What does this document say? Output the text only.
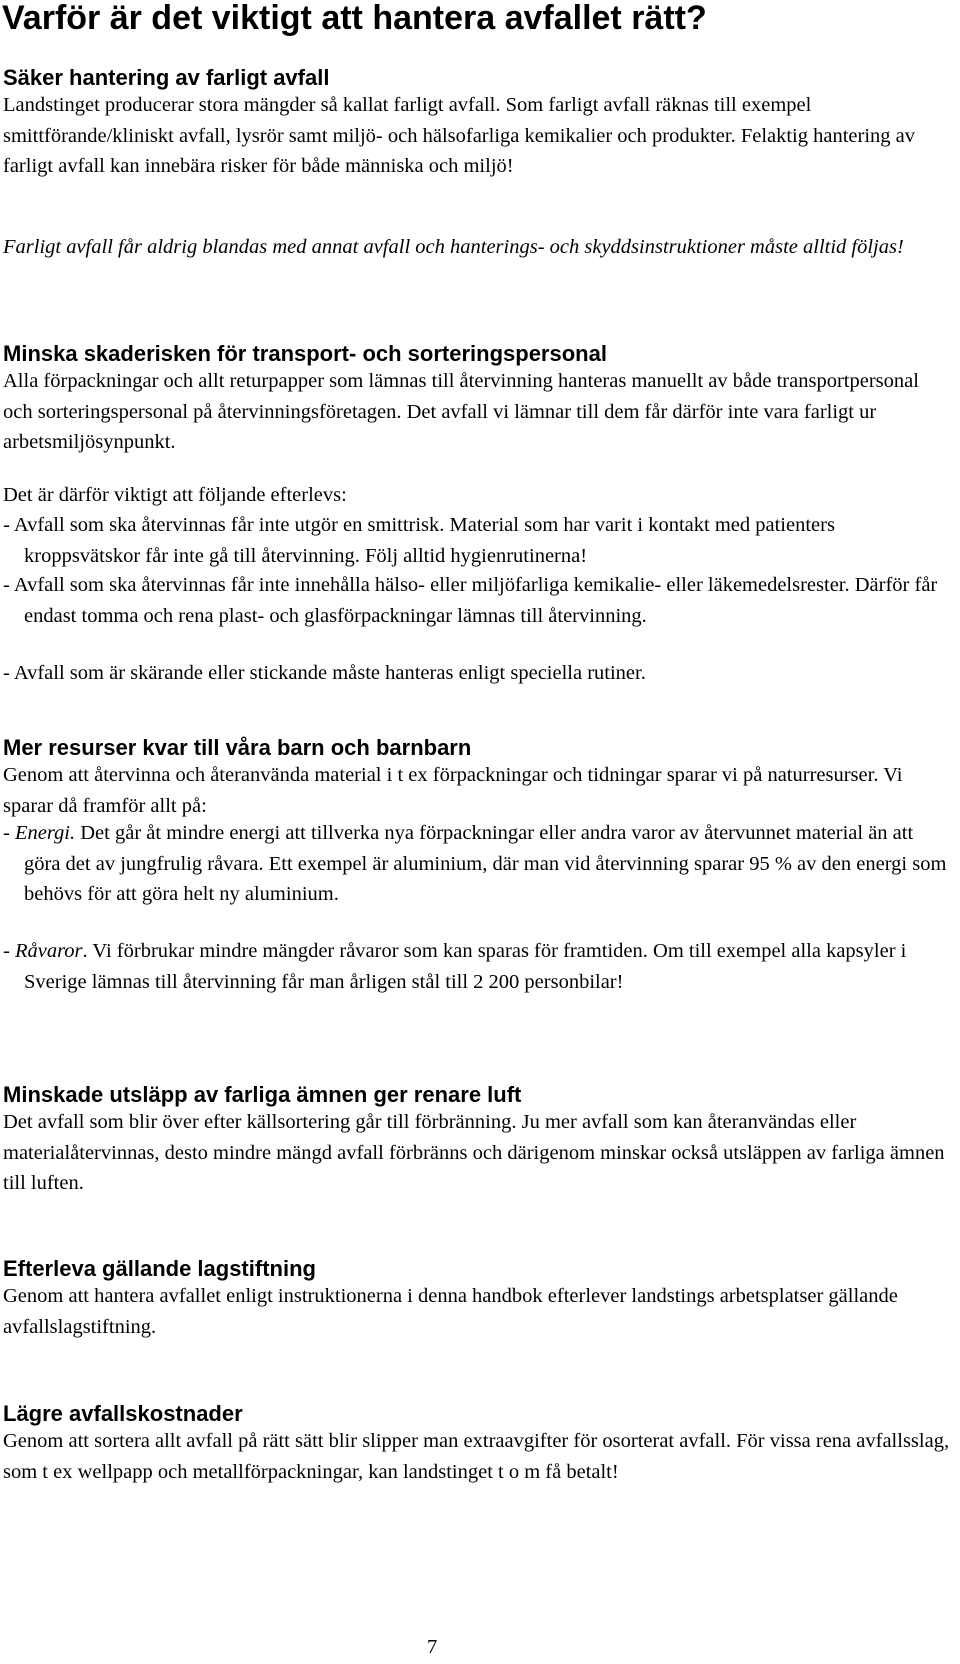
Varför är det viktigt att hantera avfallet rätt?
Säker hantering av farligt avfall
Landstinget producerar stora mängder så kallat farligt avfall. Som farligt avfall räknas till exempel smittförande/kliniskt avfall, lysrör samt miljö- och hälsofarliga kemikalier och produkter. Felaktig hantering av farligt avfall kan innebära risker för både människa och miljö!
Farligt avfall får aldrig blandas med annat avfall och hanterings- och skyddsinstruktioner måste alltid följas!
Minska skaderisken för transport- och sorteringspersonal
Alla förpackningar och allt returpapper som lämnas till återvinning hanteras manuellt av både transportpersonal och sorteringspersonal på återvinningsföretagen. Det avfall vi lämnar till dem får därför inte vara farligt ur arbetsmiljösynpunkt.
Det är därför viktigt att följande efterlevs:
- Avfall som ska återvinnas får inte utgör en smittrisk. Material som har varit i kontakt med patienters kroppsvätskor får inte gå till återvinning. Följ alltid hygienrutinerna!
- Avfall som ska återvinnas får inte innehålla hälso- eller miljöfarliga kemikalie- eller läkemedelsrester. Därför får endast tomma och rena plast- och glasförpackningar lämnas till återvinning.
- Avfall som är skärande eller stickande måste hanteras enligt speciella rutiner.
Mer resurser kvar till våra barn och barnbarn
Genom att återvinna och återanvända material i t ex förpackningar och tidningar sparar vi på naturresurser. Vi sparar då framför allt på:
- Energi. Det går åt mindre energi att tillverka nya förpackningar eller andra varor av återvunnet material än att göra det av jungfrulig råvara. Ett exempel är aluminium, där man vid återvinning sparar 95 % av den energi som behövs för att göra helt ny aluminium.
- Råvaror. Vi förbrukar mindre mängder råvaror som kan sparas för framtiden. Om till exempel alla kapsyler i Sverige lämnas till återvinning får man årligen stål till 2 200 personbilar!
Minskade utsläpp av farliga ämnen ger renare luft
Det avfall som blir över efter källsortering går till förbränning. Ju mer avfall som kan återanvändas eller materialåtervinnas, desto mindre mängd avfall förbränns och därigenom minskar också utsläppen av farliga ämnen till luften.
Efterleva gällande lagstiftning
Genom att hantera avfallet enligt instruktionerna i denna handbok efterlever landstings arbetsplatser gällande avfallslagstiftning.
Lägre avfallskostnader
Genom att sortera allt avfall på rätt sätt blir slipper man extraavgifter för osorterat avfall. För vissa rena avfallsslag, som t ex wellpapp och metallförpackningar, kan landstinget t o m få betalt!
7
